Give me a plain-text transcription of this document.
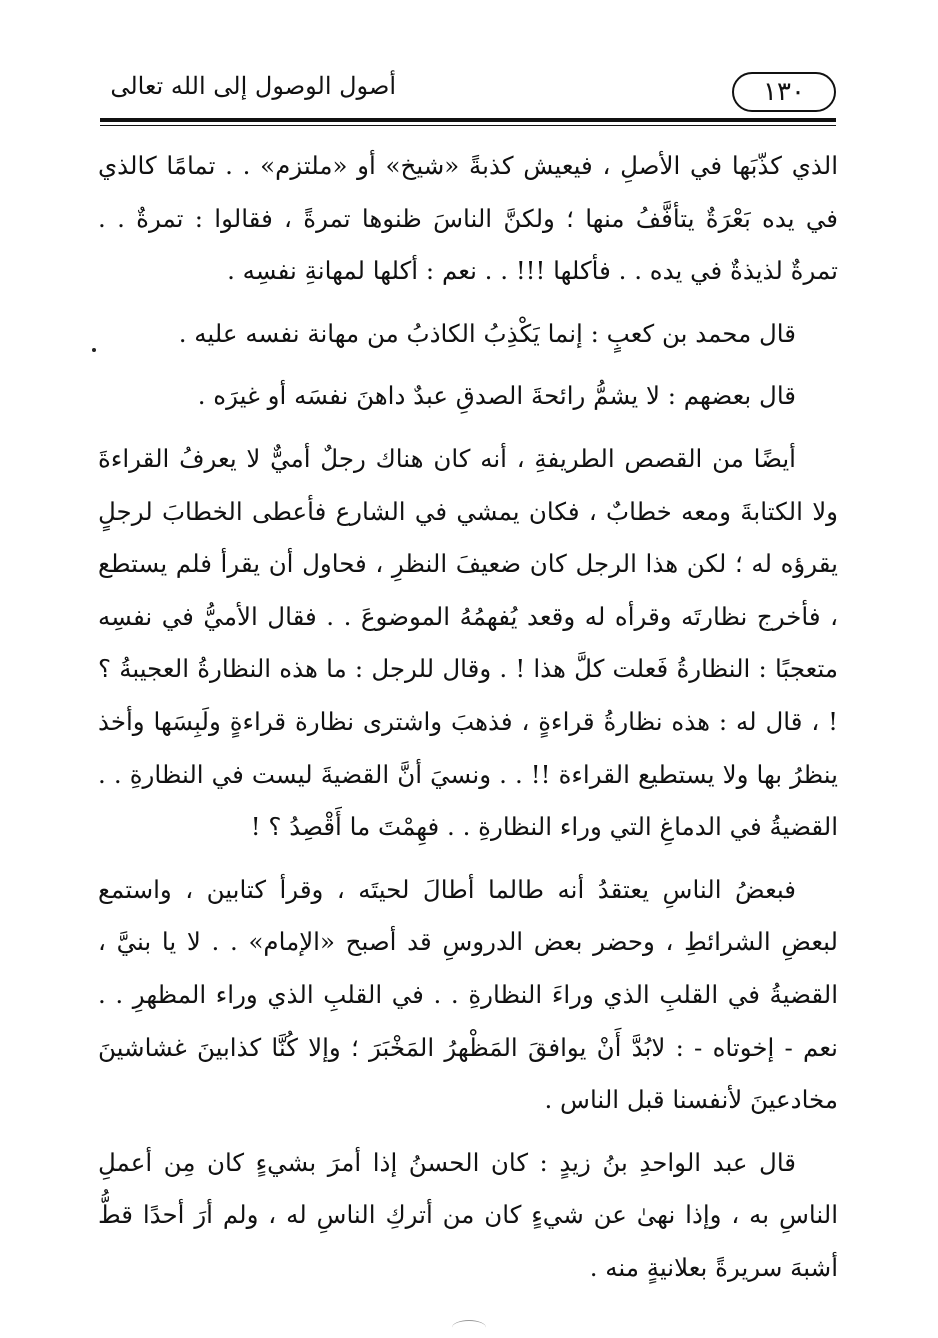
١٣٠
أصول الوصول إلى الله تعالى

الذي كذّبَها في الأصلِ ، فيعيش كذبةً «شيخ» أو «ملتزم» . . تمامًا كالذي في يده بَعْرَةٌ يتأفَّفُ منها ؛ ولكنَّ الناسَ ظنوها تمرةً ، فقالوا : تمرةٌ . . تمرةٌ لذيذةٌ في يده . . فأكلها !!! . . نعم : أكلها لمهانةِ نفسِه .

قال محمد بن كعبٍ : إنما يَكْذِبُ الكاذبُ من مهانة نفسه عليه .

قال بعضهم : لا يشمُّ رائحةَ الصدقِ عبدٌ داهنَ نفسَه أو غيرَه .

أيضًا من القصص الطريفةِ ، أنه كان هناك رجلٌ أميٌّ لا يعرفُ القراءةَ ولا الكتابةَ ومعه خطابٌ ، فكان يمشي في الشارع فأعطى الخطابَ لرجلٍ يقرؤه له ؛ لكن هذا الرجل كان ضعيفَ النظرِ ، فحاول أن يقرأ فلم يستطع ، فأخرج نظارتَه وقرأه له وقعد يُفهمُهُ الموضوعَ . . فقال الأميُّ في نفسِه متعجبًا : النظارةُ فَعلت كلَّ هذا ! . وقال للرجل : ما هذه النظارةُ العجيبةُ ؟ ! ، قال له : هذه نظارةُ قراءةٍ ، فذهبَ واشترى نظارة قراءةٍ ولَبِسَها وأخذ ينظرُ بها ولا يستطيع القراءة !! . . ونسيَ أنَّ القضيةَ ليست في النظارةِ . . القضيةُ في الدماغِ التي وراء النظارةِ . . فهِمْتَ ما أَقْصِدُ ؟ !

فبعضُ الناسِ يعتقدُ أنه طالما أطالَ لحيتَه ، وقرأ كتابين ، واستمع لبعضِ الشرائطِ ، وحضر بعض الدروسِ قد أصبح «الإمام» . . لا يا بنيَّ ، القضيةُ في القلبِ الذي وراءَ النظارةِ . . في القلبِ الذي وراء المظهرِ . . نعم - إخوتاه - : لابُدَّ أَنْ يوافقَ المَظْهرُ المَخْبَرَ ؛ وإلا كُنَّا كذابينَ غشاشينَ مخادعينَ لأنفسنا قبل الناس .

قال عبد الواحدِ بنُ زيدٍ : كان الحسنُ إذا أمرَ بشيءٍ كان مِن أعملِ الناسِ به ، وإذا نهىٰ عن شيءٍ كان من أتركِ الناسِ له ، ولم أرَ أحدًا قطُّ أشبهَ سريرةً بعلانيةٍ منه .
